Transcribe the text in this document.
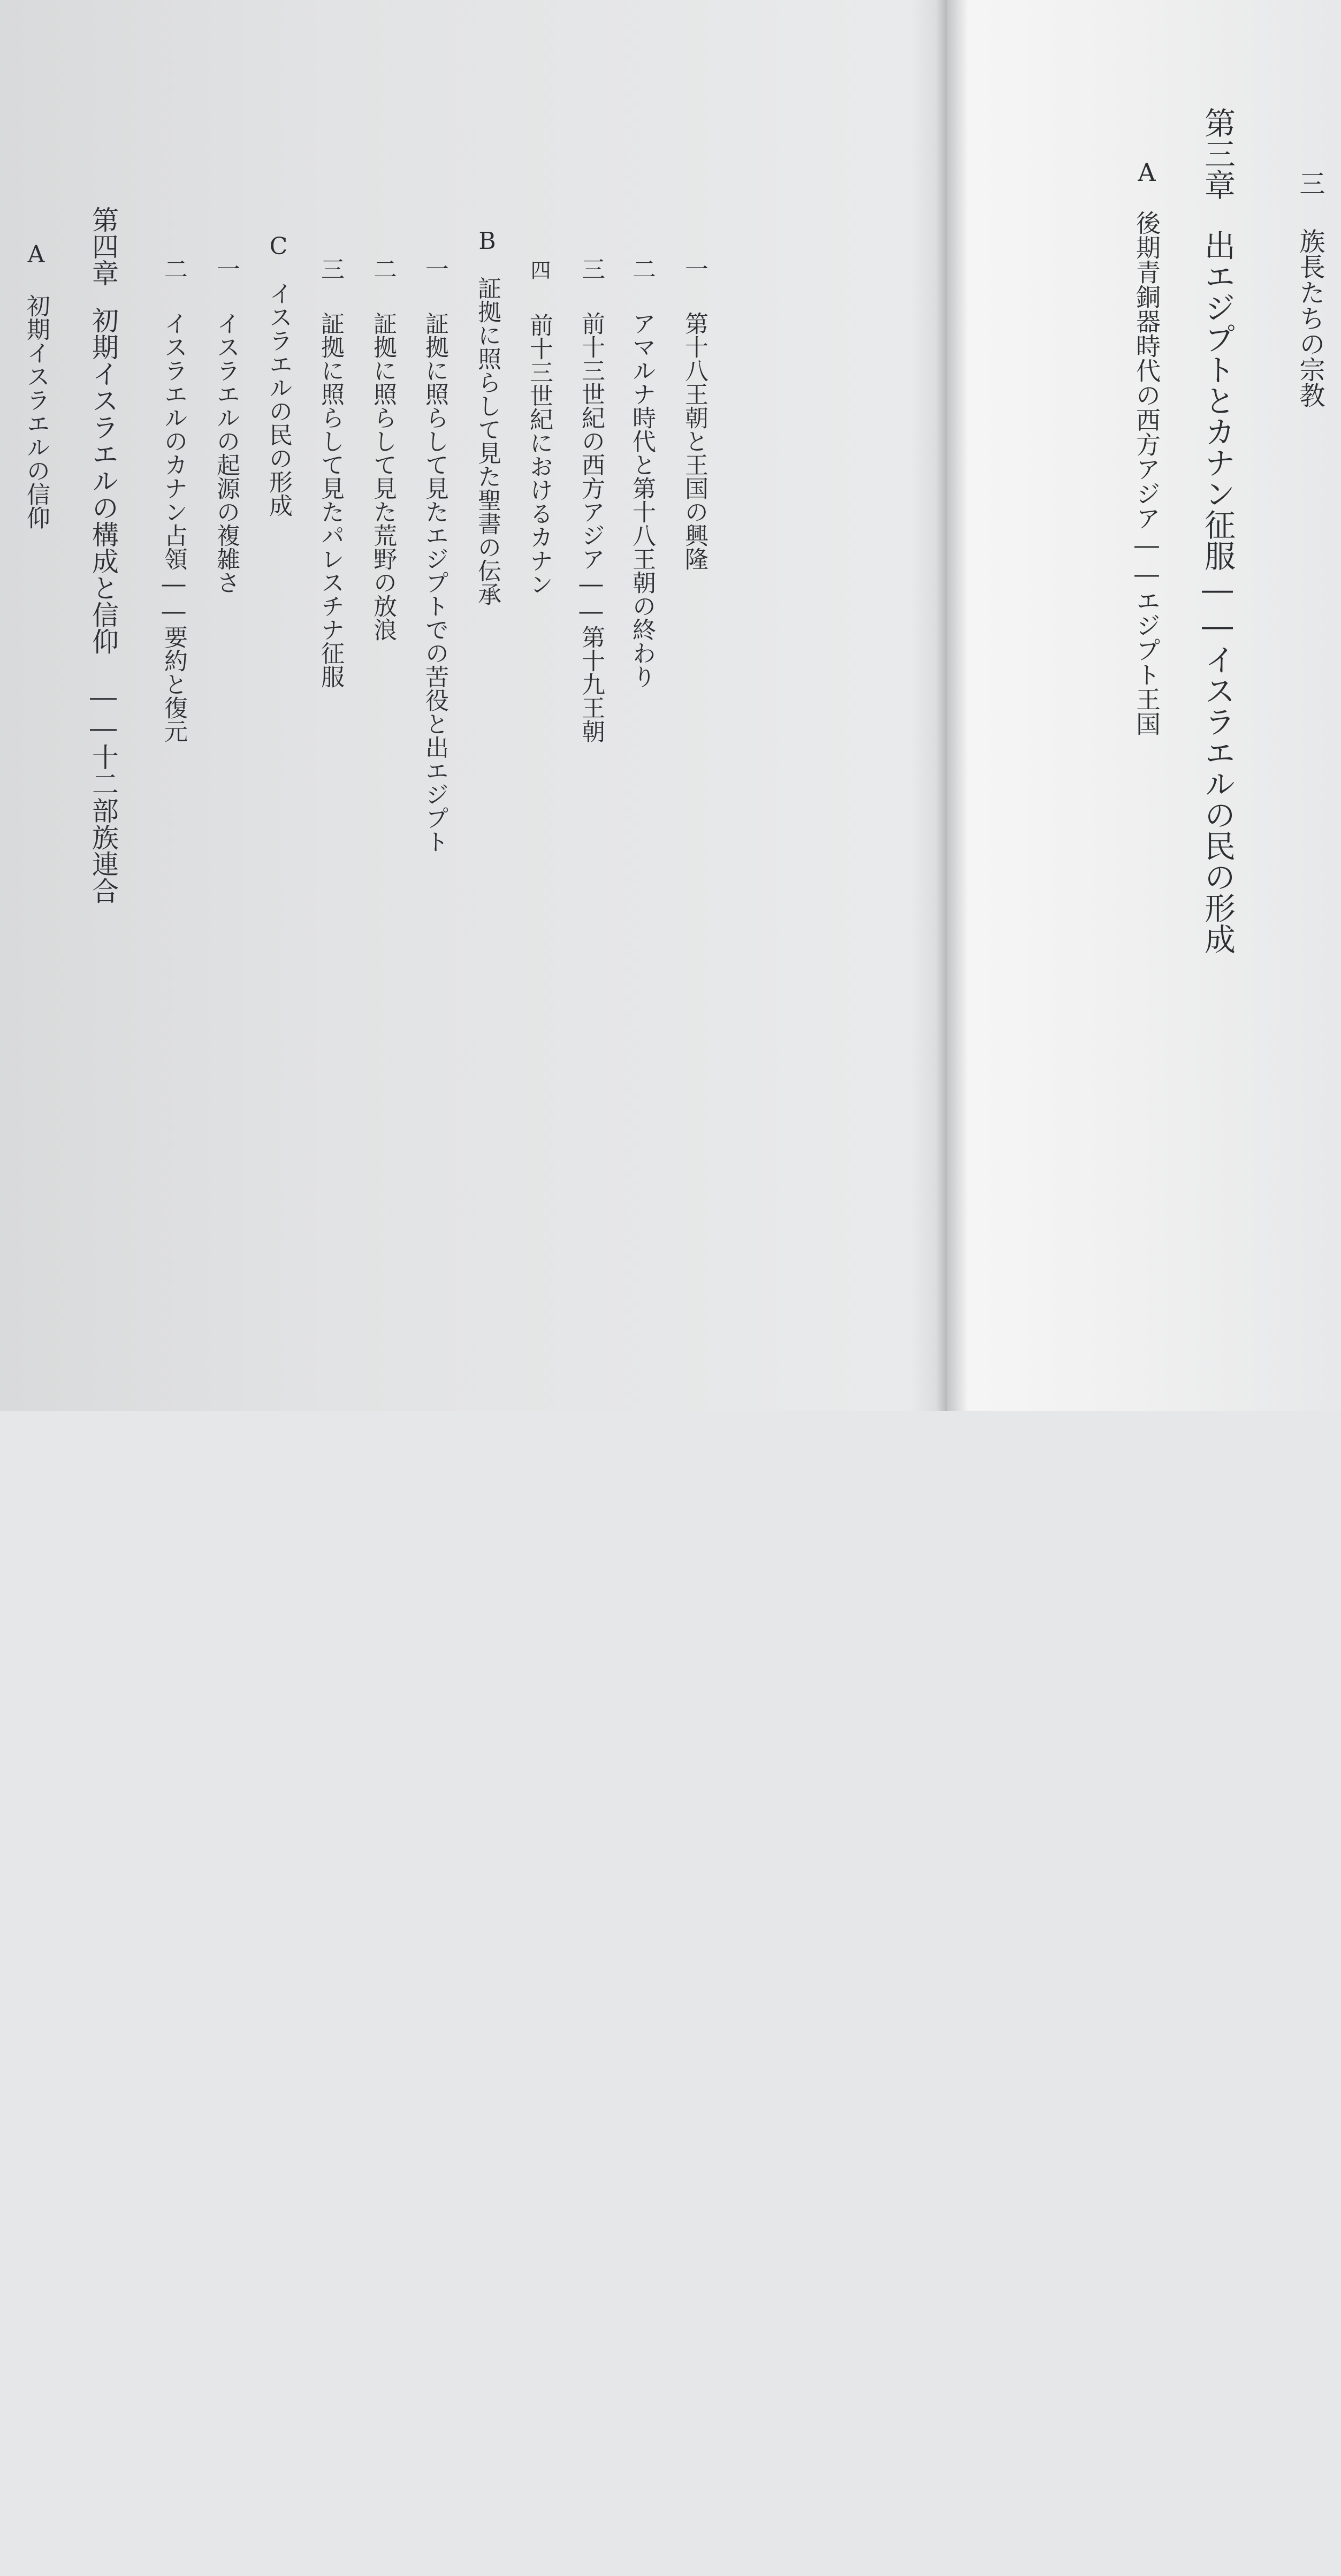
一第十八王朝と王国の興隆
二アマルナ時代と第十八王朝の終わり
三前十三世紀の西方アジア――第十九王朝
四前十三世紀におけるカナン
B証拠に照らして見た聖書の伝承
一証拠に照らして見たエジプトでの苦役と出エジプト
二証拠に照らして見た荒野の放浪
三証拠に照らして見たパレスチナ征服
Cイスラエルの民の形成
一イスラエルの起源の複雑さ
二イスラエルのカナン占領――要約と復元
第四章初期イスラエルの構成と信仰　――十二部族連合
A初期イスラエルの信仰
三族長たちの宗教
第三章出エジプトとカナン征服――イスラエルの民の形成
A後期青銅器時代の西方アジア――エジプト王国
